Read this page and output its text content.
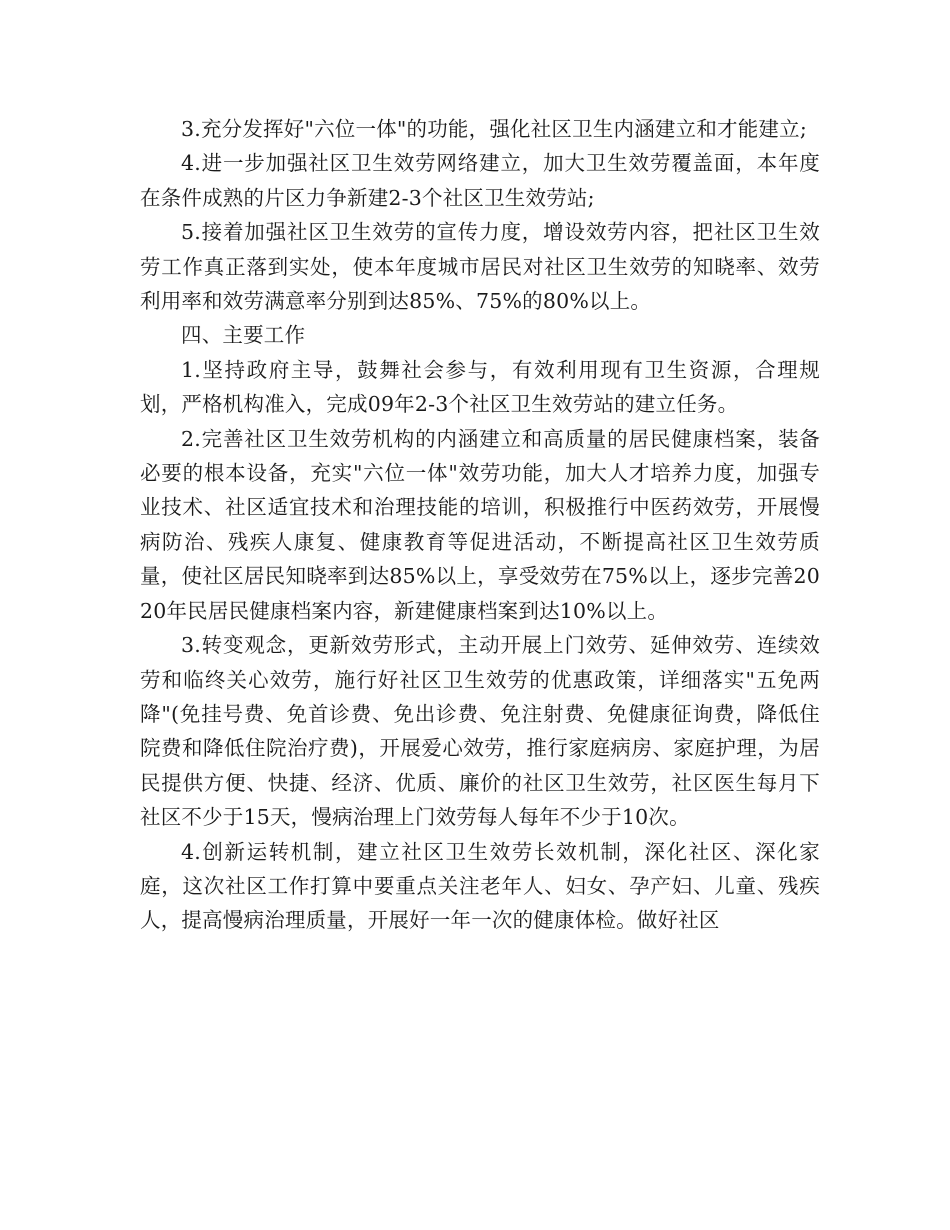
3.充分发挥好"六位一体"的功能，强化社区卫生内涵建立和才能建立;

4.进一步加强社区卫生效劳网络建立，加大卫生效劳覆盖面，本年度在条件成熟的片区力争新建2-3个社区卫生效劳站;

5.接着加强社区卫生效劳的宣传力度，增设效劳内容，把社区卫生效劳工作真正落到实处，使本年度城市居民对社区卫生效劳的知晓率、效劳利用率和效劳满意率分别到达85%、75%的80%以上。

四、主要工作

1.坚持政府主导，鼓舞社会参与，有效利用现有卫生资源，合理规划，严格机构准入，完成09年2-3个社区卫生效劳站的建立任务。

2.完善社区卫生效劳机构的内涵建立和高质量的居民健康档案，装备必要的根本设备，充实"六位一体"效劳功能，加大人才培养力度，加强专业技术、社区适宜技术和治理技能的培训，积极推行中医药效劳，开展慢病防治、残疾人康复、健康教育等促进活动，不断提高社区卫生效劳质量，使社区居民知晓率到达85%以上，享受效劳在75%以上，逐步完善2020年民居民健康档案内容，新建健康档案到达10%以上。

3.转变观念，更新效劳形式，主动开展上门效劳、延伸效劳、连续效劳和临终关心效劳，施行好社区卫生效劳的优惠政策，详细落实"五免两降"(免挂号费、免首诊费、免出诊费、免注射费、免健康征询费，降低住院费和降低住院治疗费)，开展爱心效劳，推行家庭病房、家庭护理，为居民提供方便、快捷、经济、优质、廉价的社区卫生效劳，社区医生每月下社区不少于15天，慢病治理上门效劳每人每年不少于10次。

4.创新运转机制，建立社区卫生效劳长效机制，深化社区、深化家庭，这次社区工作打算中要重点关注老年人、妇女、孕产妇、儿童、残疾人，提高慢病治理质量，开展好一年一次的健康体检。做好社区
